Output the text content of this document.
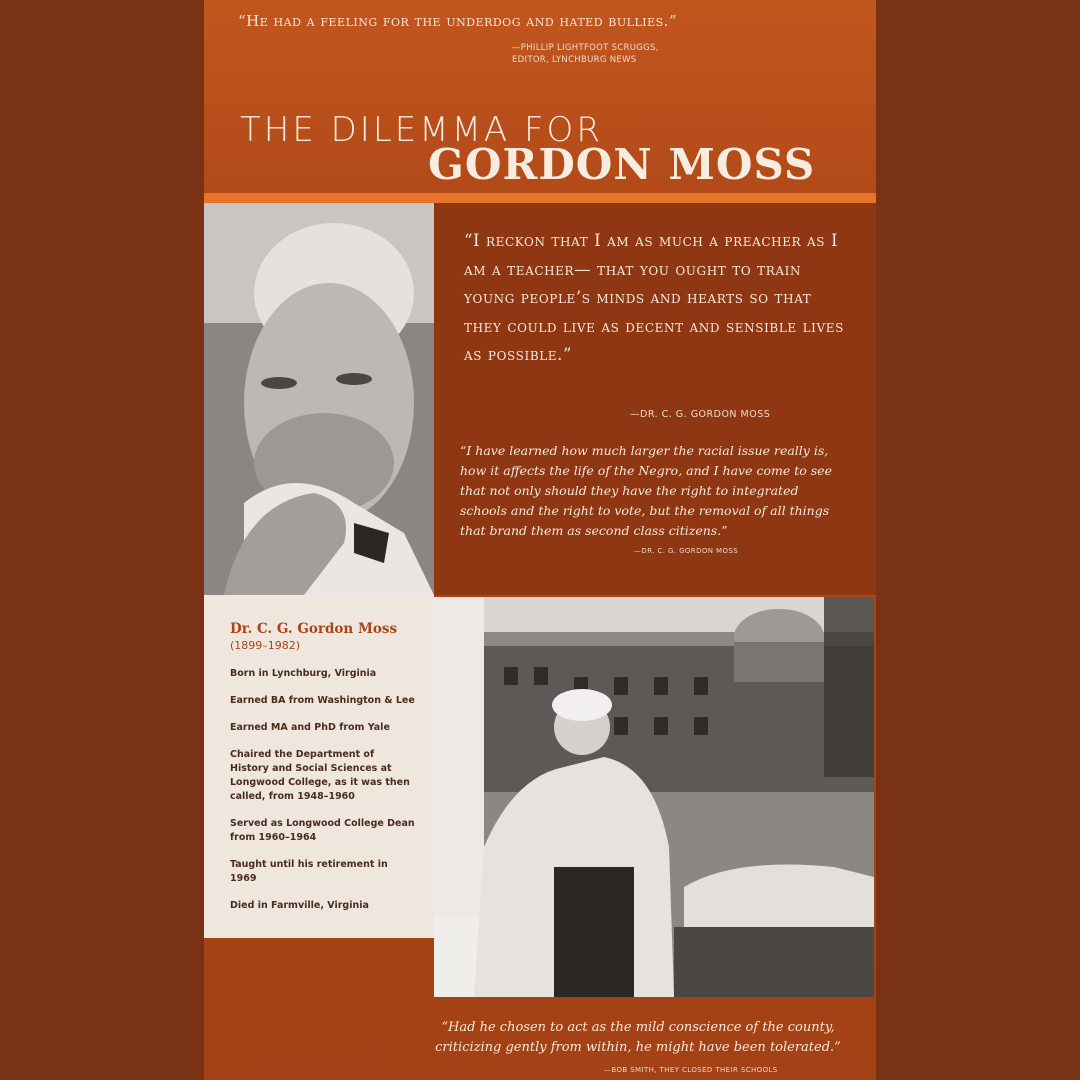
“He had a feeling for the underdog and hated bullies.”
—PHILLIP LIGHTFOOT SCRUGGS,
EDITOR, LYNCHBURG NEWS
THE DILEMMA FOR
GORDON MOSS
“I reckon that I am as much a preacher as I am a teacher— that you ought to train young people’s minds and hearts so that they could live as decent and sensible lives as possible.”
—DR. C. G. GORDON MOSS
“I have learned how much larger the racial issue really is, how it affects the life of the Negro, and I have come to see that not only should they have the right to integrated schools and the right to vote, but the removal of all things that brand them as second class citizens.”
—DR. C. G. GORDON MOSS
Dr. C. G. Gordon Moss
(1899–1982)
Born in Lynchburg, Virginia
Earned BA from Washington & Lee
Earned MA and PhD from Yale
Chaired the Department of History and Social Sciences at Longwood College, as it was then called, from 1948–1960
Served as Longwood College Dean from 1960–1964
Taught until his retirement in 1969
Died in Farmville, Virginia
“Had he chosen to act as the mild conscience of the county, criticizing gently from within, he might have been tolerated.”
—BOB SMITH, THEY CLOSED THEIR SCHOOLS
